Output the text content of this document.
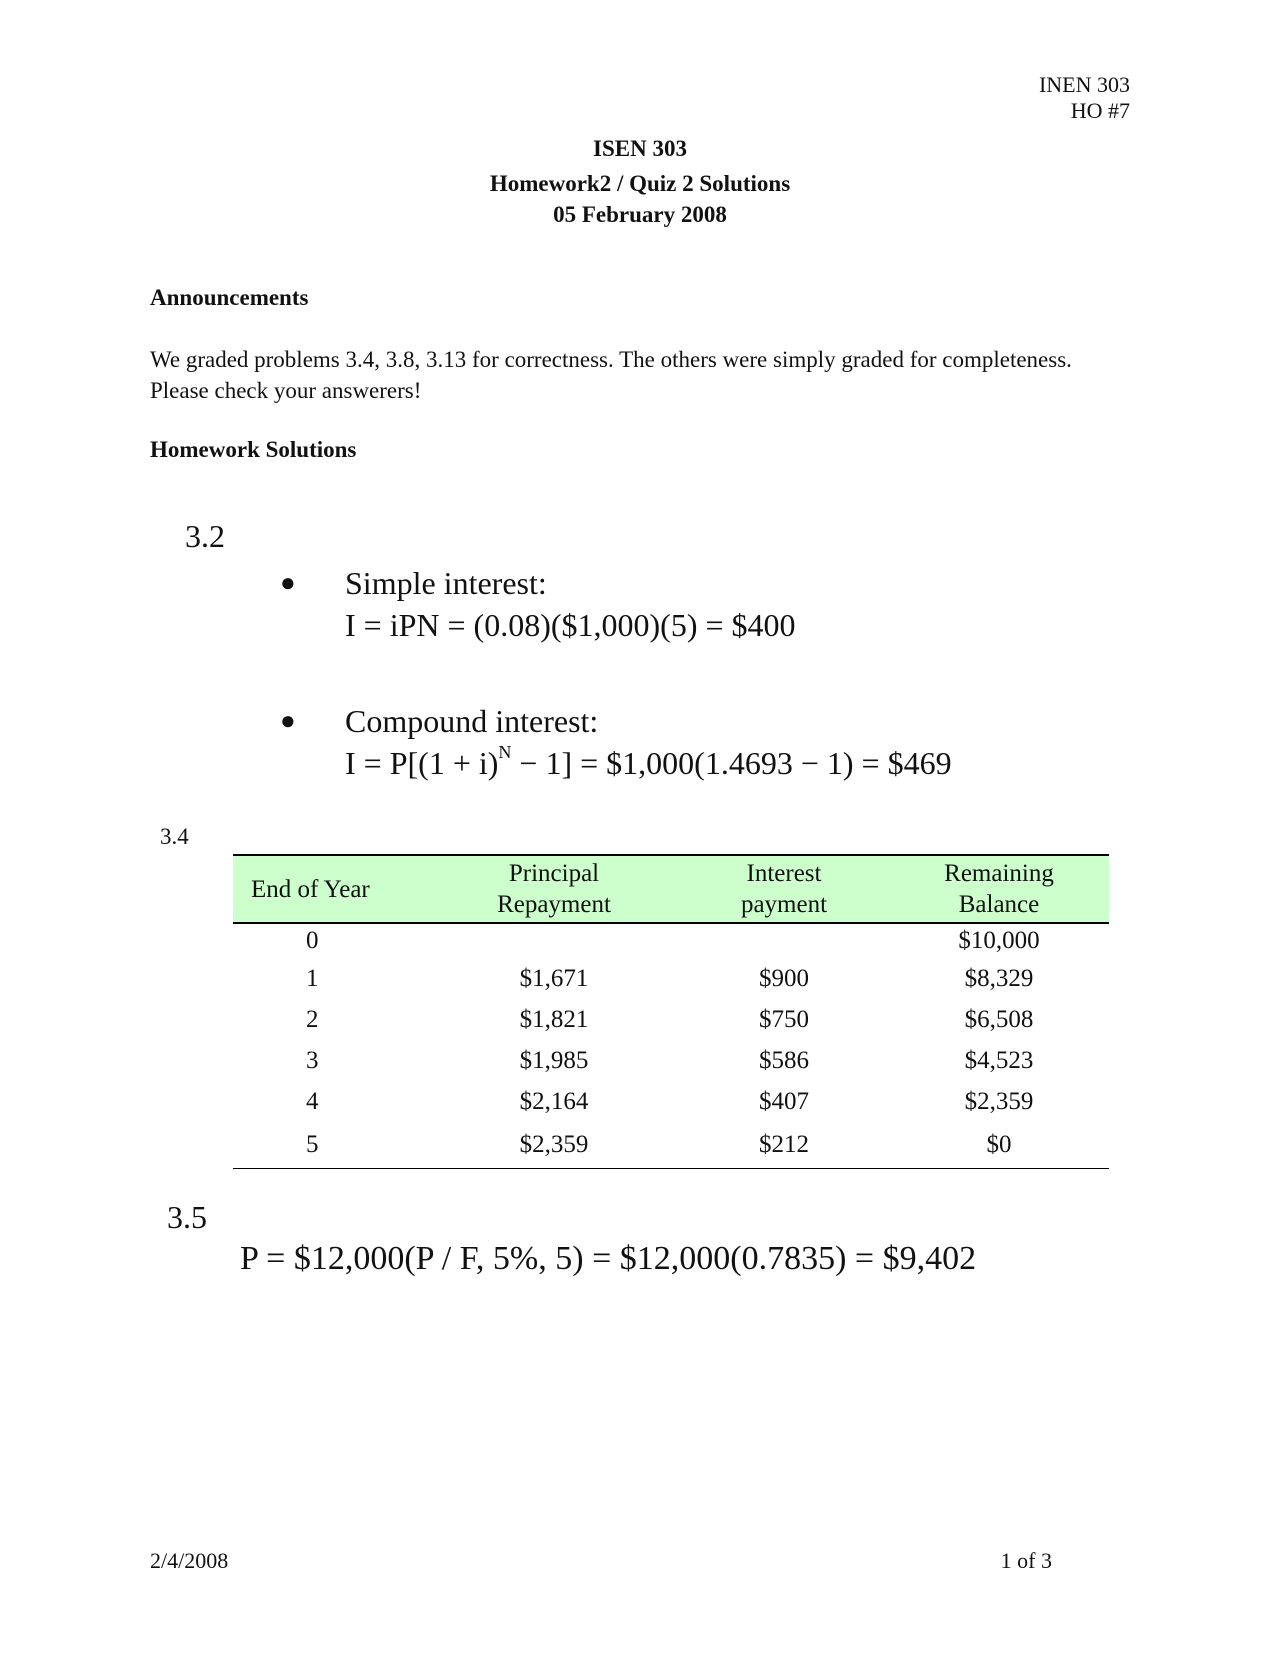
INEN 303
HO #7
ISEN 303
Homework2 / Quiz 2 Solutions
05 February 2008
Announcements
We graded problems 3.4, 3.8, 3.13 for correctness. The others were simply graded for completeness. Please check your answerers!
Homework Solutions
3.2
●	Simple interest:
I = iPN = (0.08)($1,000)(5) = $400
●	Compound interest:
$I = P[(1 + i)^N - 1]$ = $1,000(1.4693 − 1) = $469
3.4
End of Year	Principal Repayment	Interest payment	Remaining Balance
0			$10,000
1	$1,671	$900	$8,329
2	$1,821	$750	$6,508
3	$1,985	$586	$4,523
4	$2,164	$407	$2,359
5	$2,359	$212	$0
3.5
P = $12,000(P / F, 5%, 5) = $12,000(0.7835) = $9,402
2/4/2008	1 of 3
